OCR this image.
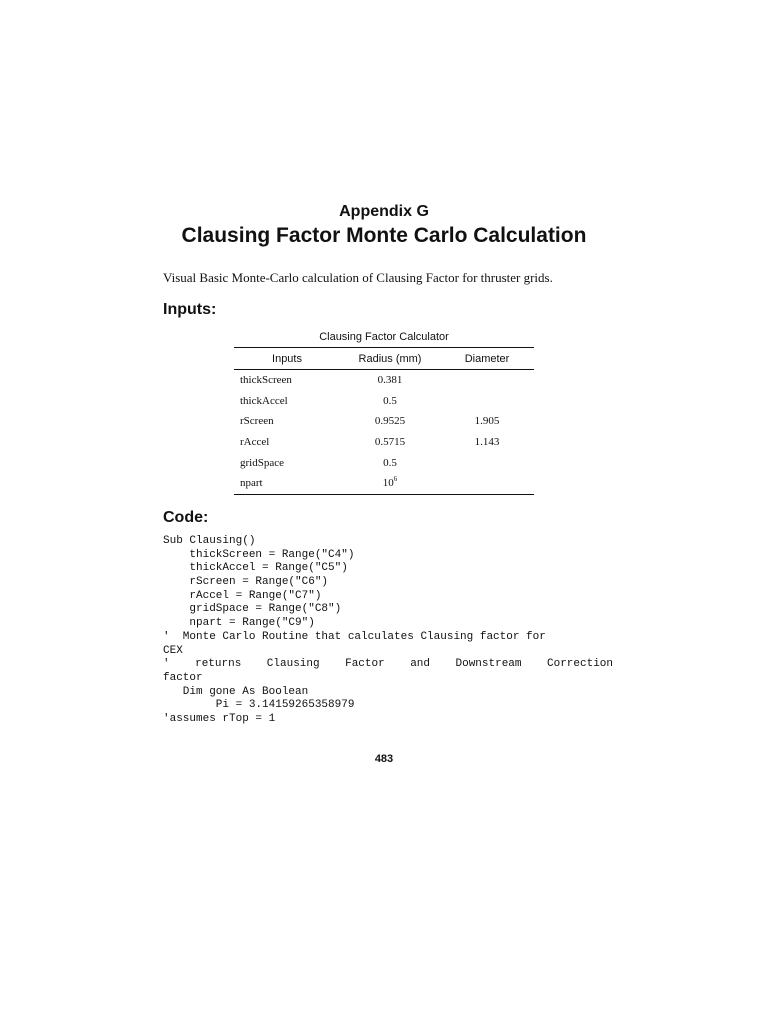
Appendix G
Clausing Factor Monte Carlo Calculation
Visual Basic Monte-Carlo calculation of Clausing Factor for thruster grids.
Inputs:
Clausing Factor Calculator
Inputs	Radius (mm)	Diameter
thickScreen	0.381	
thickAccel	0.5	
rScreen	0.9525	1.905
rAccel	0.5715	1.143
gridSpace	0.5	
npart	$10^6$	
Code:
Sub Clausing()
thickScreen = Range("C4")
thickAccel = Range("C5")
rScreen = Range("C6")
rAccel = Range("C7")
gridSpace = Range("C8")
npart = Range("C9")
'  Monte Carlo Routine that calculates Clausing factor for
CEX
' returns Clausing Factor and Downstream Correction
factor
Dim gone As Boolean
Pi = 3.14159265358979
'assumes rTop = 1
483
